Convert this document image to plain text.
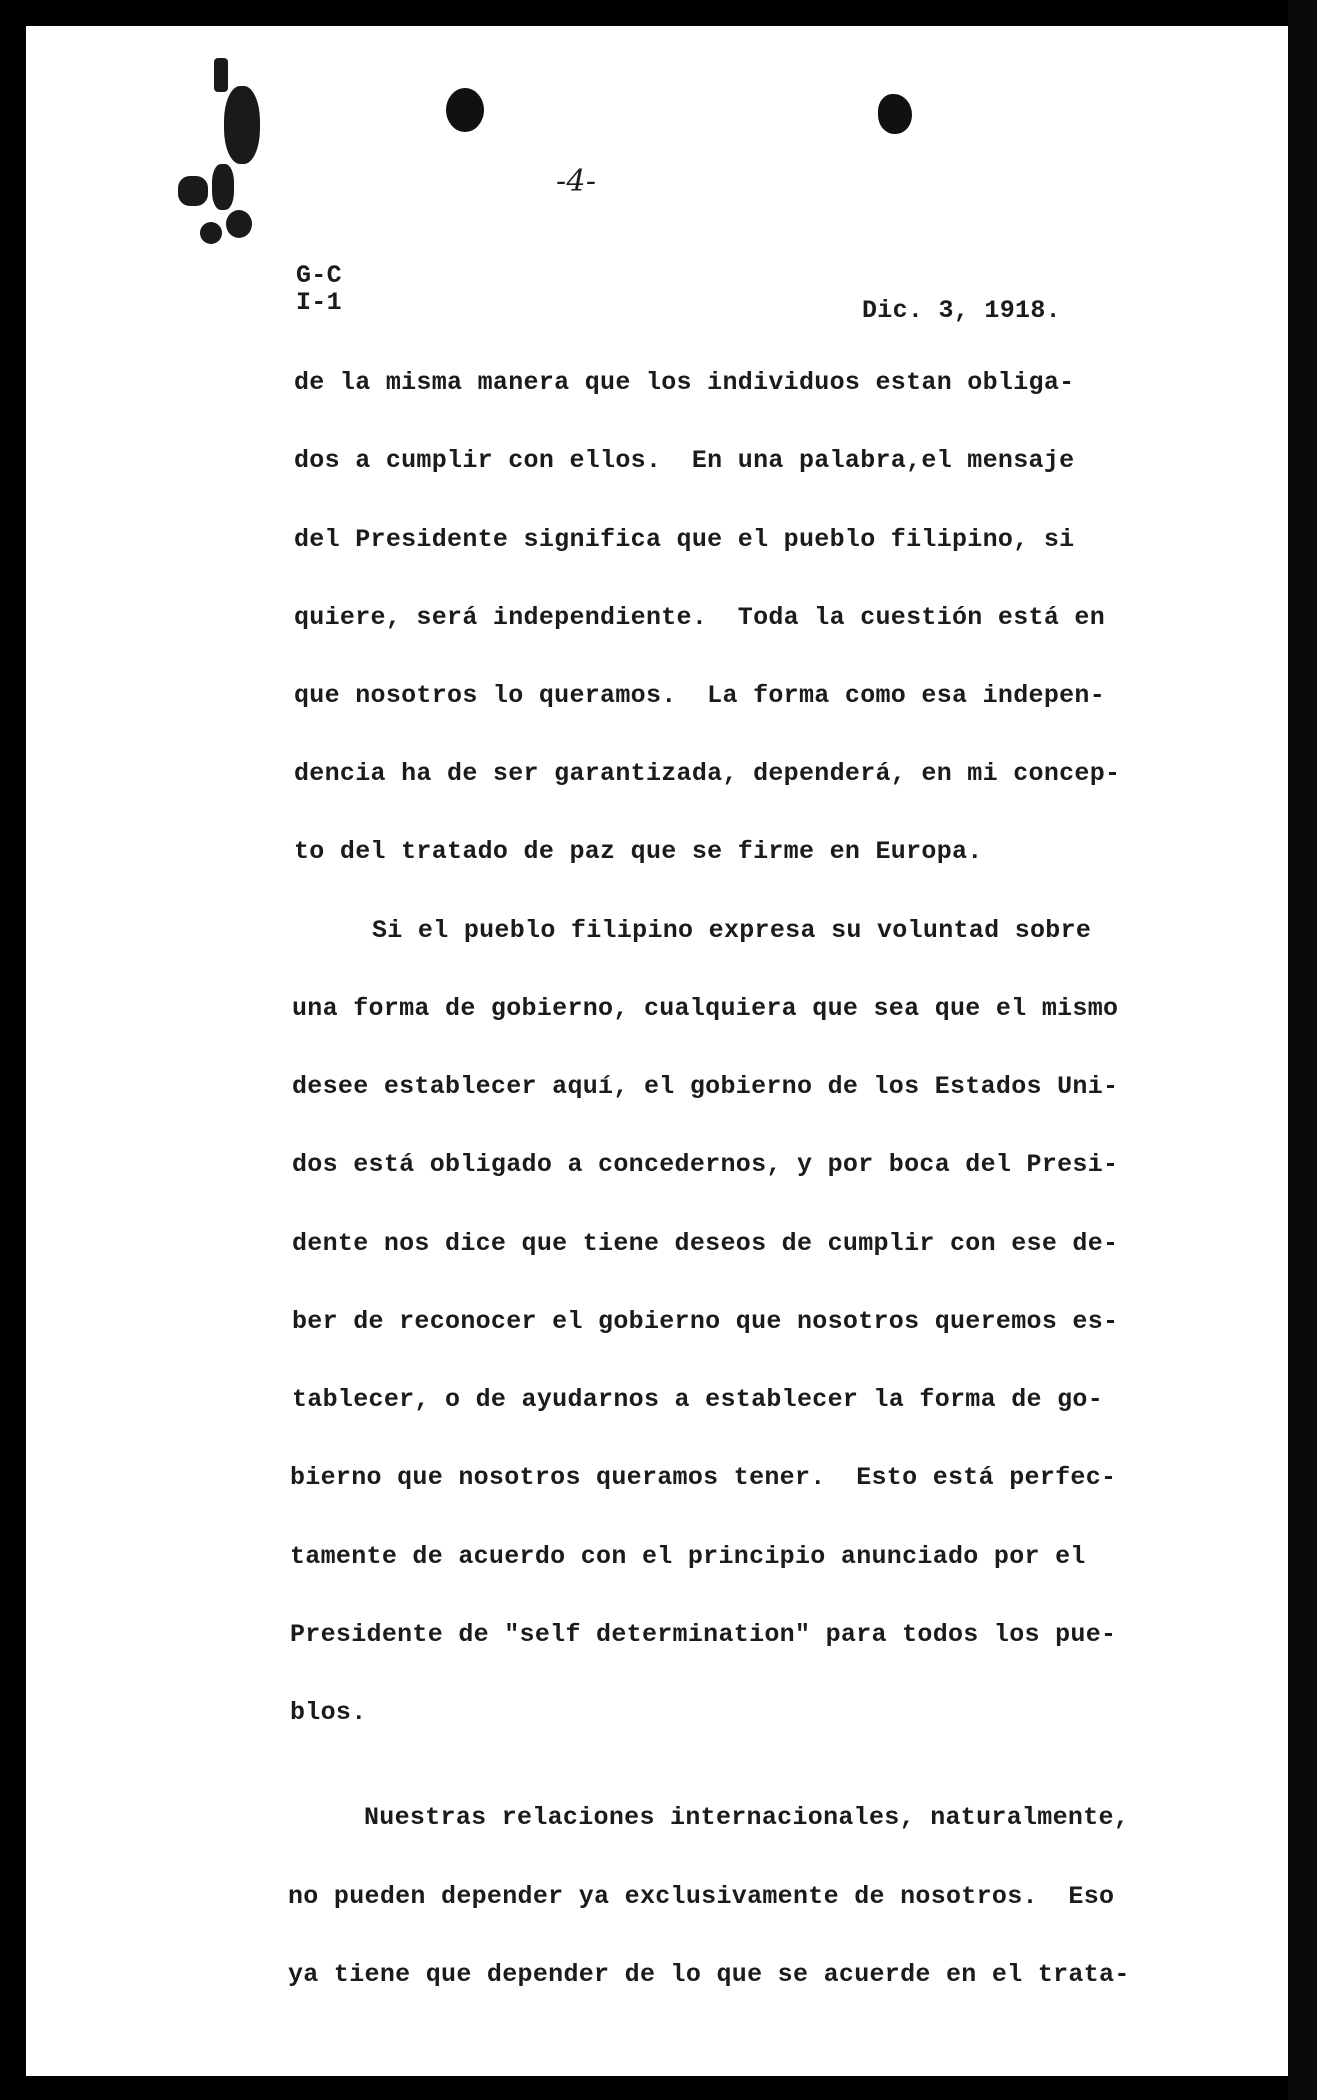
-4-
G-C
I-1	Dic. 3, 1918.
de la misma manera que los individuos estan obliga-
dos a cumplir con ellos.  En una palabra,el mensaje
del Presidente significa que el pueblo filipino, si
quiere, será independiente.  Toda la cuestión está en
que nosotros lo queramos.  La forma como esa indepen-
dencia ha de ser garantizada, dependerá, en mi concep-
to del tratado de paz que se firme en Europa.
Si el pueblo filipino expresa su voluntad sobre
una forma de gobierno, cualquiera que sea que el mismo
desee establecer aquí, el gobierno de los Estados Uni-
dos está obligado a concedernos, y por boca del Presi-
dente nos dice que tiene deseos de cumplir con ese de-
ber de reconocer el gobierno que nosotros queremos es-
tablecer, o de ayudarnos a establecer la forma de go-
bierno que nosotros queramos tener.  Esto está perfec-
tamente de acuerdo con el principio anunciado por el
Presidente de "self determination" para todos los pue-
blos.
Nuestras relaciones internacionales, naturalmente,
no pueden depender ya exclusivamente de nosotros.  Eso
ya tiene que depender de lo que se acuerde en el trata-
